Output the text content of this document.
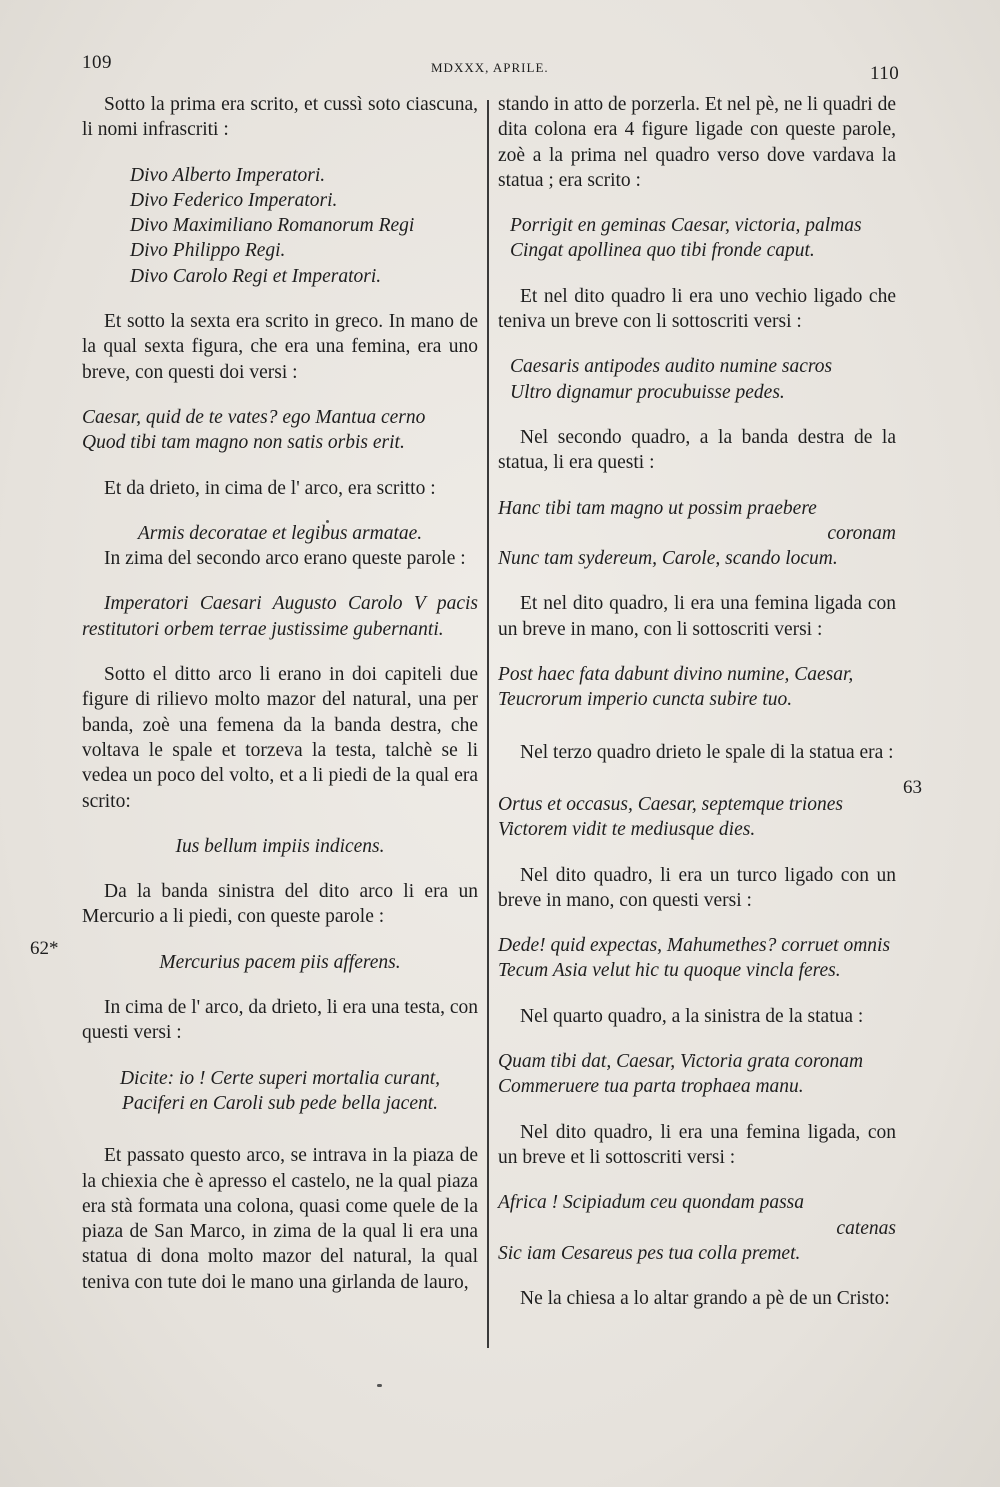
109	MDXXX, APRILE.	110

Sotto la prima era scrito, et cussì soto ciascuna, li nomi infrascriti :

Divo Alberto Imperatori.

Divo Federico Imperatori.

Divo Maximiliano Romanorum Regi

Divo Philippo Regi.

Divo Carolo Regi et Imperatori.

Et sotto la sexta era scrito in greco. In mano de la qual sexta figura, che era una femina, era uno breve, con questi doi versi :

Caesar, quid de te vates? ego Mantua cerno

Quod tibi tam magno non satis orbis erit.

Et da drieto, in cima de l' arco, era scritto :

Armis decoratae et legibus armatae.

In zima del secondo arco erano queste parole :

Imperatori Caesari Augusto Carolo V pacis restitutori orbem terrae justissime gubernanti.

Sotto el ditto arco li erano in doi capiteli due figure di rilievo molto mazor del natural, una per banda, zoè una femena da la banda destra, che voltava le spale et torzeva la testa, talchè se li vedea un poco del volto, et a li piedi de la qual era scrito:

Ius bellum impiis indicens.

Da la banda sinistra del dito arco li era un Mercurio a li piedi, con queste parole :

Mercurius pacem piis afferens.

In cima de l' arco, da drieto, li era una testa, con questi versi :

Dicite: io ! Certe superi mortalia curant,

Paciferi en Caroli sub pede bella jacent.

Et passato questo arco, se intrava in la piaza de la chiexia che è apresso el castelo, ne la qual piaza era stà formata una colona, quasi come quele de la piaza de San Marco, in zima de la qual li era una statua di dona molto mazor del natural, la qual teniva con tute doi le mano una girlanda de lauro,

stando in atto de porzerla. Et nel pè, ne li quadri de dita colona era 4 figure ligade con queste parole, zoè a la prima nel quadro verso dove vardava la statua ; era scrito :

Porrigit en geminas Caesar, victoria, palmas

Cingat apollinea quo tibi fronde caput.

Et nel dito quadro li era uno vechio ligado che teniva un breve con li sottoscriti versi :

Caesaris antipodes audito numine sacros

Ultro dignamur procubuisse pedes.

Nel secondo quadro, a la banda destra de la statua, li era questi :

Hanc tibi tam magno ut possim praebere

coronam

Nunc tam sydereum, Carole, scando locum.

Et nel dito quadro, li era una femina ligada con un breve in mano, con li sottoscriti versi :

Post haec fata dabunt divino numine, Caesar,

Teucrorum imperio cuncta subire tuo.

Nel terzo quadro drieto le spale di la statua era :

Ortus et occasus, Caesar, septemque triones

Victorem vidit te mediusque dies.

Nel dito quadro, li era un turco ligado con un breve in mano, con questi versi :

Dede! quid expectas, Mahumethes? corruet omnis

Tecum Asia velut hic tu quoque vincla feres.

Nel quarto quadro, a la sinistra de la statua :

Quam tibi dat, Caesar, Victoria grata coronam

Commeruere tua parta trophaea manu.

Nel dito quadro, li era una femina ligada, con un breve et li sottoscriti versi :

Africa ! Scipiadum ceu quondam passa

catenas

Sic iam Cesareus pes tua colla premet.

Ne la chiesa a lo altar grando a pè de un Cristo:

62*
63
